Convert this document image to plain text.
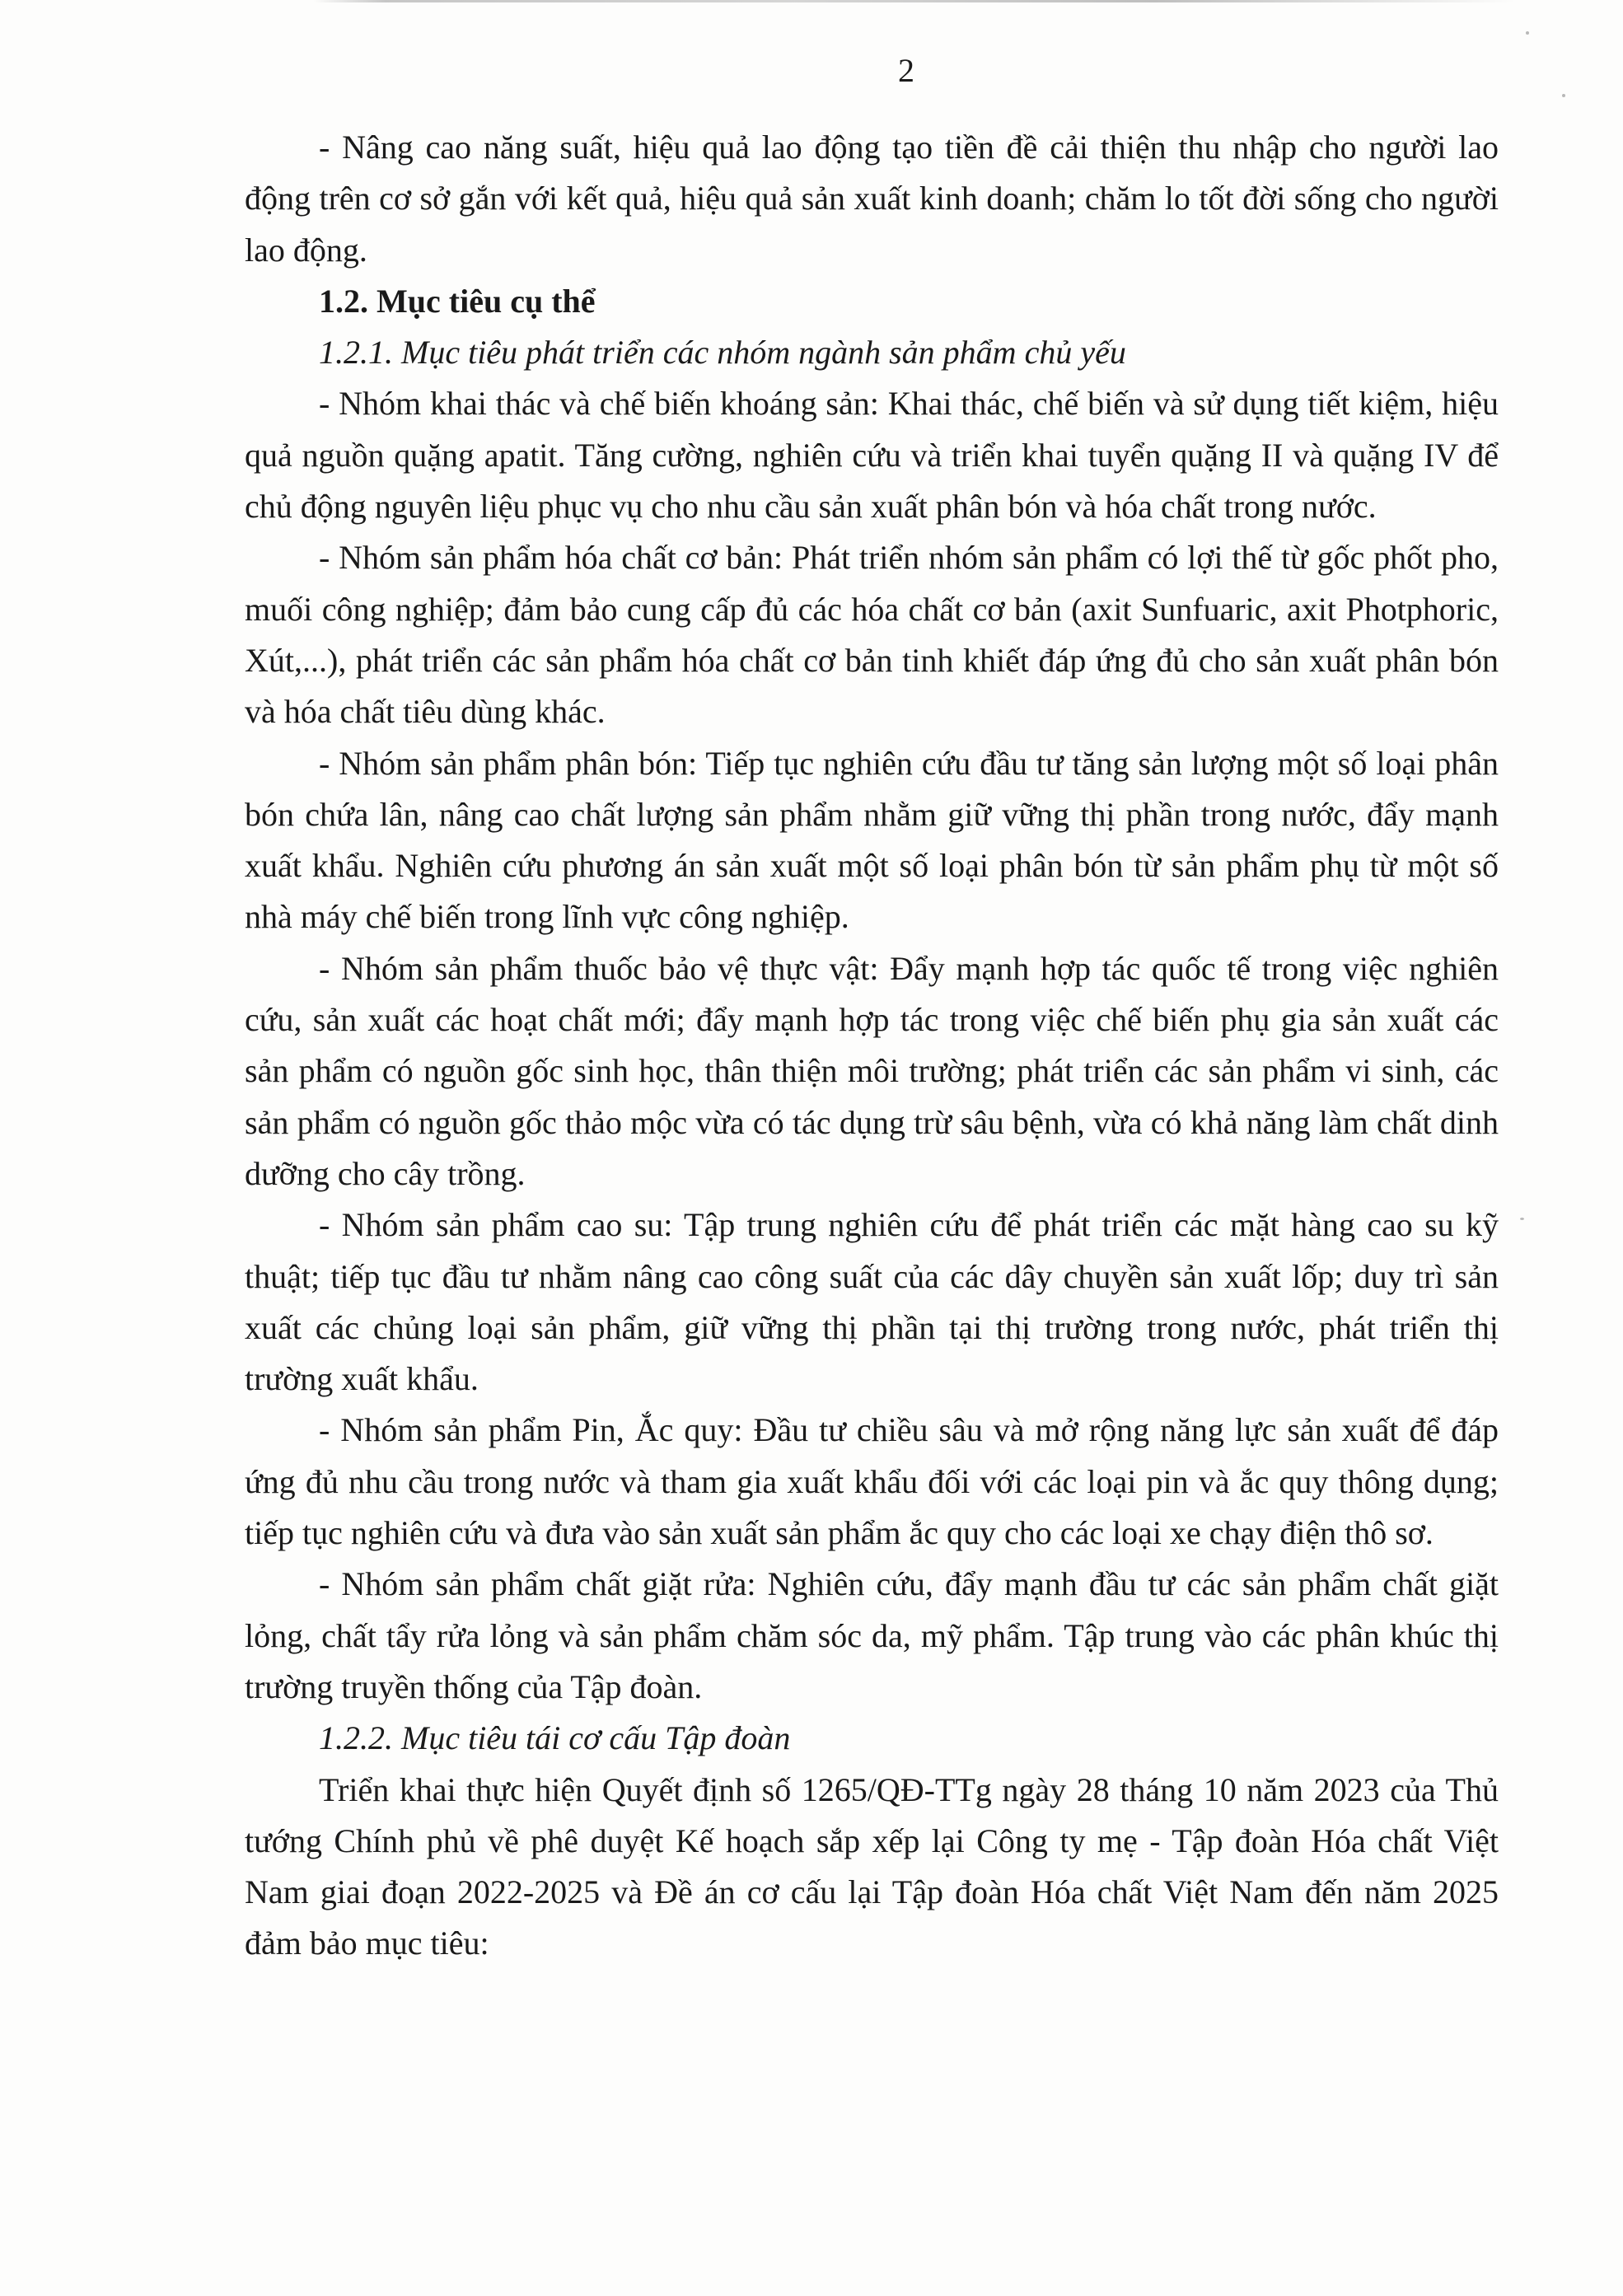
2

- Nâng cao năng suất, hiệu quả lao động tạo tiền đề cải thiện thu nhập cho người lao động trên cơ sở gắn với kết quả, hiệu quả sản xuất kinh doanh; chăm lo tốt đời sống cho người lao động.

1.2. Mục tiêu cụ thể

1.2.1. Mục tiêu phát triển các nhóm ngành sản phẩm chủ yếu

- Nhóm khai thác và chế biến khoáng sản: Khai thác, chế biến và sử dụng tiết kiệm, hiệu quả nguồn quặng apatit. Tăng cường, nghiên cứu và triển khai tuyển quặng II và quặng IV để chủ động nguyên liệu phục vụ cho nhu cầu sản xuất phân bón và hóa chất trong nước.

- Nhóm sản phẩm hóa chất cơ bản: Phát triển nhóm sản phẩm có lợi thế từ gốc phốt pho, muối công nghiệp; đảm bảo cung cấp đủ các hóa chất cơ bản (axit Sunfuaric, axit Photphoric, Xút,...), phát triển các sản phẩm hóa chất cơ bản tinh khiết đáp ứng đủ cho sản xuất phân bón và hóa chất tiêu dùng khác.

- Nhóm sản phẩm phân bón: Tiếp tục nghiên cứu đầu tư tăng sản lượng một số loại phân bón chứa lân, nâng cao chất lượng sản phẩm nhằm giữ vững thị phần trong nước, đẩy mạnh xuất khẩu. Nghiên cứu phương án sản xuất một số loại phân bón từ sản phẩm phụ từ một số nhà máy chế biến trong lĩnh vực công nghiệp.

- Nhóm sản phẩm thuốc bảo vệ thực vật: Đẩy mạnh hợp tác quốc tế trong việc nghiên cứu, sản xuất các hoạt chất mới; đẩy mạnh hợp tác trong việc chế biến phụ gia sản xuất các sản phẩm có nguồn gốc sinh học, thân thiện môi trường; phát triển các sản phẩm vi sinh, các sản phẩm có nguồn gốc thảo mộc vừa có tác dụng trừ sâu bệnh, vừa có khả năng làm chất dinh dưỡng cho cây trồng.

- Nhóm sản phẩm cao su: Tập trung nghiên cứu để phát triển các mặt hàng cao su kỹ thuật; tiếp tục đầu tư nhằm nâng cao công suất của các dây chuyền sản xuất lốp; duy trì sản xuất các chủng loại sản phẩm, giữ vững thị phần tại thị trường trong nước, phát triển thị trường xuất khẩu.

- Nhóm sản phẩm Pin, Ắc quy: Đầu tư chiều sâu và mở rộng năng lực sản xuất để đáp ứng đủ nhu cầu trong nước và tham gia xuất khẩu đối với các loại pin và ắc quy thông dụng; tiếp tục nghiên cứu và đưa vào sản xuất sản phẩm ắc quy cho các loại xe chạy điện thô sơ.

- Nhóm sản phẩm chất giặt rửa: Nghiên cứu, đẩy mạnh đầu tư các sản phẩm chất giặt lỏng, chất tẩy rửa lỏng và sản phẩm chăm sóc da, mỹ phẩm. Tập trung vào các phân khúc thị trường truyền thống của Tập đoàn.

1.2.2. Mục tiêu tái cơ cấu Tập đoàn

Triển khai thực hiện Quyết định số 1265/QĐ-TTg ngày 28 tháng 10 năm 2023 của Thủ tướng Chính phủ về phê duyệt Kế hoạch sắp xếp lại Công ty mẹ - Tập đoàn Hóa chất Việt Nam giai đoạn 2022-2025 và Đề án cơ cấu lại Tập đoàn Hóa chất Việt Nam đến năm 2025 đảm bảo mục tiêu:
